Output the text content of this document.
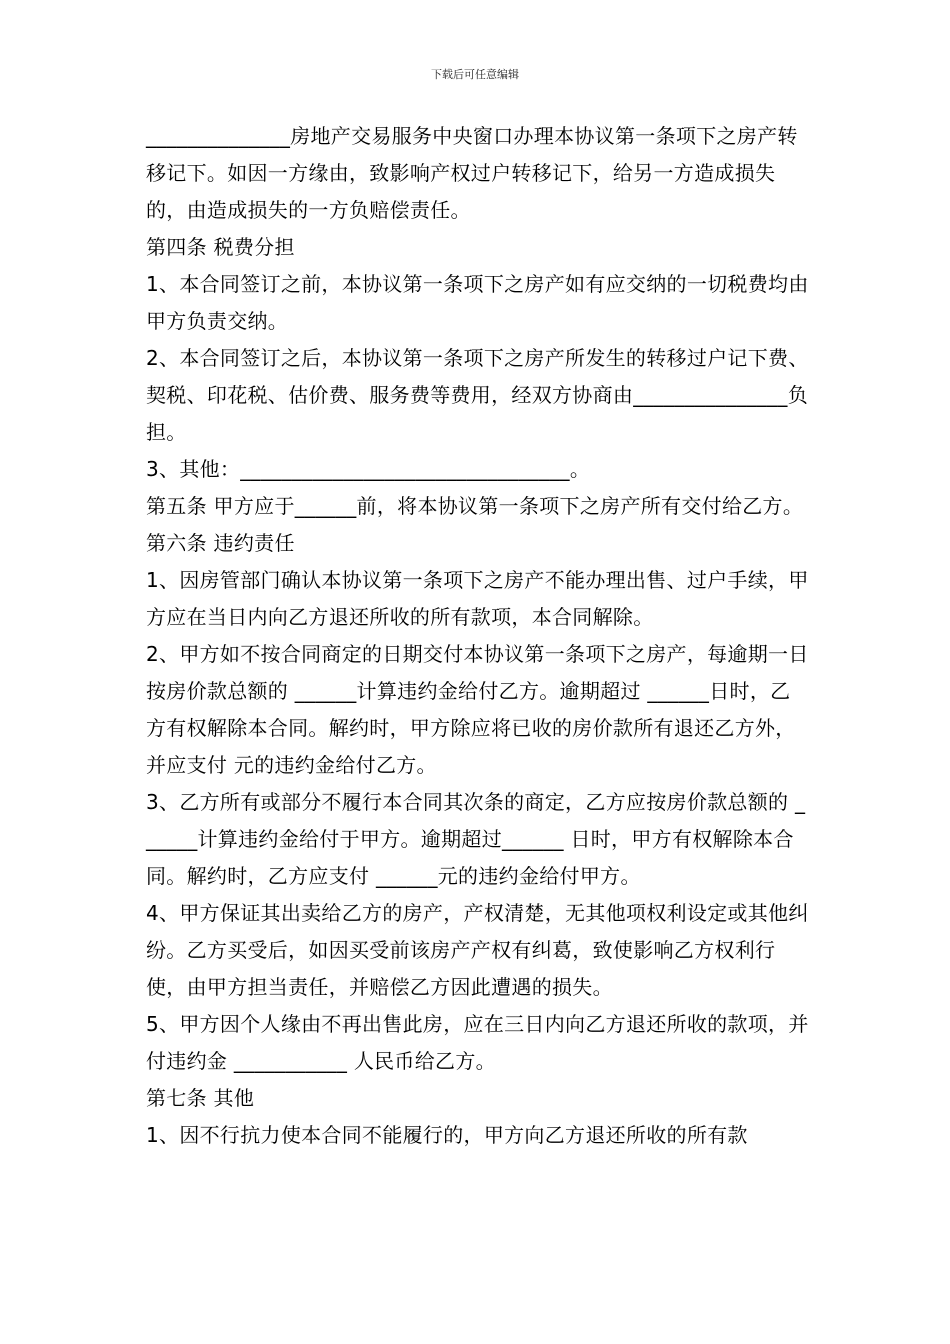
下载后可任意编辑

______________房地产交易服务中央窗口办理本协议第一条项下之房产转移记下。如因一方缘由，致影响产权过户转移记下，给另一方造成损失的，由造成损失的一方负赔偿责任。

第四条 税费分担

1、本合同签订之前，本协议第一条项下之房产如有应交纳的一切税费均由甲方负责交纳。

2、本合同签订之后，本协议第一条项下之房产所发生的转移过户记下费、契税、印花税、估价费、服务费等费用，经双方协商由_______________负担。

3、其他：________________________________。

第五条 甲方应于______前，将本协议第一条项下之房产所有交付给乙方。

第六条 违约责任

1、因房管部门确认本协议第一条项下之房产不能办理出售、过户手续，甲方应在当日内向乙方退还所收的所有款项，本合同解除。

2、甲方如不按合同商定的日期交付本协议第一条项下之房产，每逾期一日按房价款总额的 ______计算违约金给付乙方。逾期超过 ______日时，乙方有权解除本合同。解约时，甲方除应将已收的房价款所有退还乙方外，并应支付 元的违约金给付乙方。

3、乙方所有或部分不履行本合同其次条的商定，乙方应按房价款总额的 ______计算违约金给付于甲方。逾期超过______ 日时，甲方有权解除本合同。解约时，乙方应支付 ______元的违约金给付甲方。

4、甲方保证其出卖给乙方的房产，产权清楚，无其他项权利设定或其他纠纷。乙方买受后，如因买受前该房产产权有纠葛，致使影响乙方权利行使，由甲方担当责任，并赔偿乙方因此遭遇的损失。

5、甲方因个人缘由不再出售此房，应在三日内向乙方退还所收的款项，并付违约金 ___________ 人民币给乙方。

第七条 其他

1、因不行抗力使本合同不能履行的，甲方向乙方退还所收的所有款
